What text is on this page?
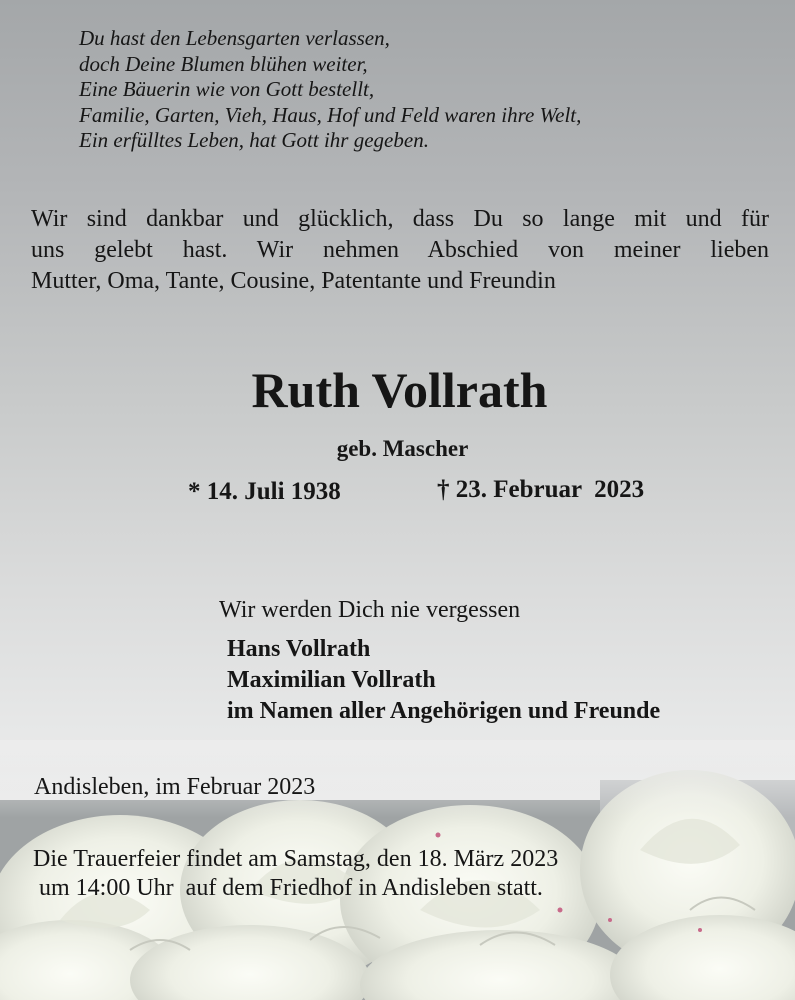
Du hast den Lebensgarten verlassen,
doch Deine Blumen blühen weiter,
Eine Bäuerin wie von Gott bestellt,
Familie, Garten, Vieh, Haus, Hof und Feld waren ihre Welt,
Ein erfülltes Leben, hat Gott ihr gegeben.
Wir sind dankbar und glücklich, dass Du so lange mit und für
uns gelebt hast. Wir nehmen Abschied von meiner lieben
Mutter, Oma, Tante, Cousine, Patentante und Freundin
Ruth Vollrath
geb. Mascher
* 14. Juli 1938	† 23. Februar  2023
Wir werden Dich nie vergessen
Hans Vollrath
Maximilian Vollrath
im Namen aller Angehörigen und Freunde
Andisleben, im Februar 2023
Die Trauerfeier findet am Samstag, den 18. März 2023
um 14:00 Uhr  auf dem Friedhof in Andisleben statt.
